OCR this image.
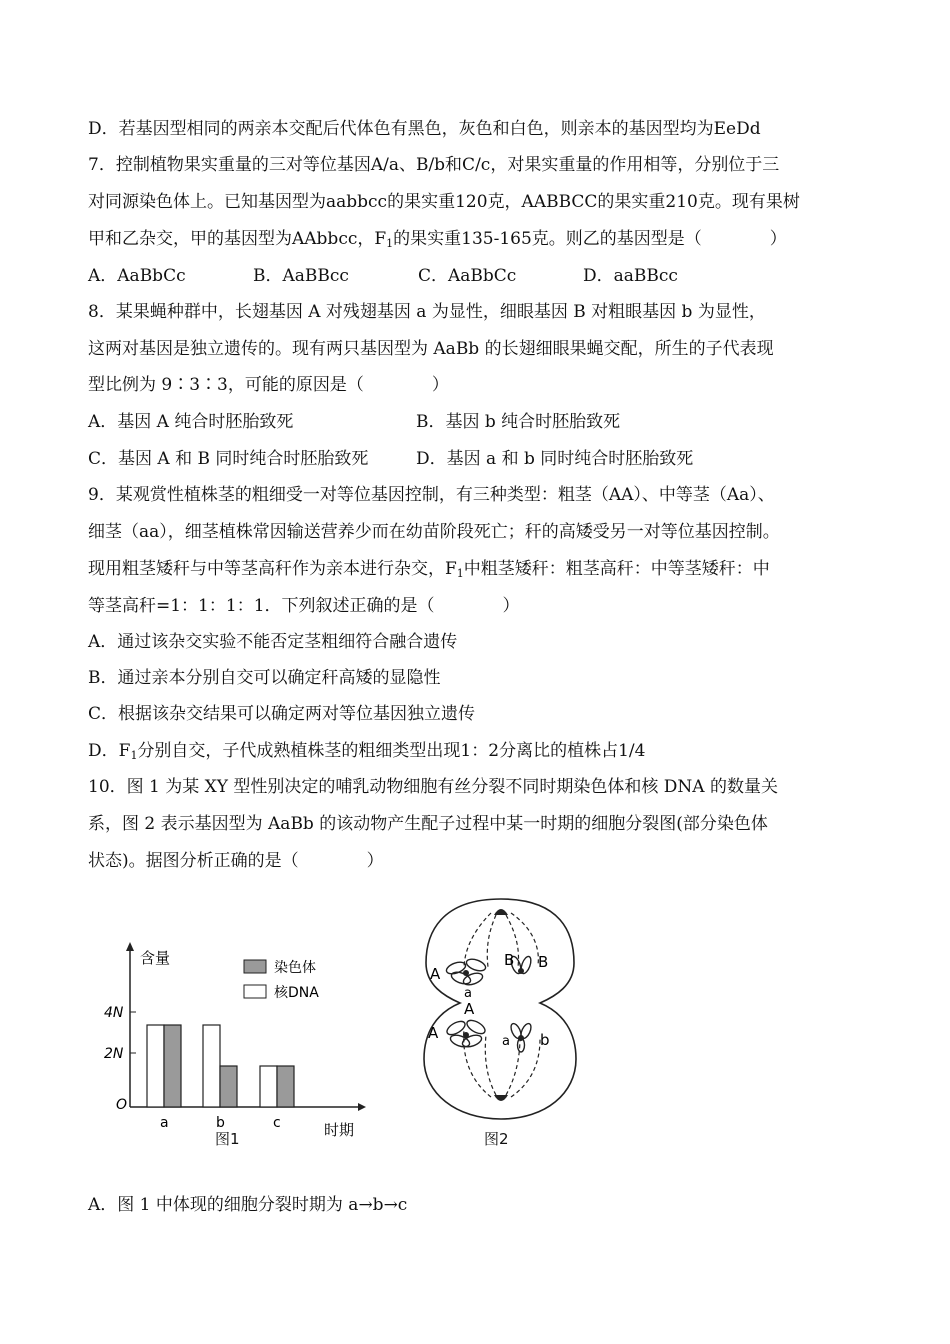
D．若基因型相同的两亲本交配后代体色有黑色，灰色和白色，则亲本的基因型均为EeDd
7．控制植物果实重量的三对等位基因A/a、B/b和C/c，对果实重量的作用相等，分别位于三
对同源染色体上。已知基因型为aabbcc的果实重120克，AABBCC的果实重210克。现有果树
甲和乙杂交，甲的基因型为AAbbcc，$F_1$的果实重135-165克。则乙的基因型是（　　　　）
A．AaBbCc	B．AaBBcc	C．AaBbCc	D．aaBBcc
8．某果蝇种群中，长翅基因 A 对残翅基因 a 为显性，细眼基因 B 对粗眼基因 b 为显性，
这两对基因是独立遗传的。现有两只基因型为 AaBb 的长翅细眼果蝇交配，所生的子代表现
型比例为 9∶3∶3，可能的原因是（　　　　）
A．基因 A 纯合时胚胎致死	B．基因 b 纯合时胚胎致死
C．基因 A 和 B 同时纯合时胚胎致死	D．基因 a 和 b 同时纯合时胚胎致死
9．某观赏性植株茎的粗细受一对等位基因控制，有三种类型：粗茎（AA）、中等茎（Aa）、
细茎（aa），细茎植株常因输送营养少而在幼苗阶段死亡；秆的高矮受另一对等位基因控制。
现用粗茎矮秆与中等茎高秆作为亲本进行杂交，$F_1$中粗茎矮秆：粗茎高秆：中等茎矮秆：中
等茎高秆=1：1：1：1．下列叙述正确的是（　　　　）
A．通过该杂交实验不能否定茎粗细符合融合遗传
B．通过亲本分别自交可以确定秆高矮的显隐性
C．根据该杂交结果可以确定两对等位基因独立遗传
D．$F_1$分别自交，子代成熟植株茎的粗细类型出现1：2分离比的植株占1/4
10．图 1 为某 XY 型性别决定的哺乳动物细胞有丝分裂不同时期染色体和核 DNA 的数量关
系，图 2 表示基因型为 AaBb 的该动物产生配子过程中某一时期的细胞分裂图(部分染色体
状态)。据图分析正确的是（　　　　）
含量
时期
O
染色体
核DNA
4N
2N
a	b	c
图1
A
B B
a
A
A	a b
图2
A．图 1 中体现的细胞分裂时期为 a→b→c
